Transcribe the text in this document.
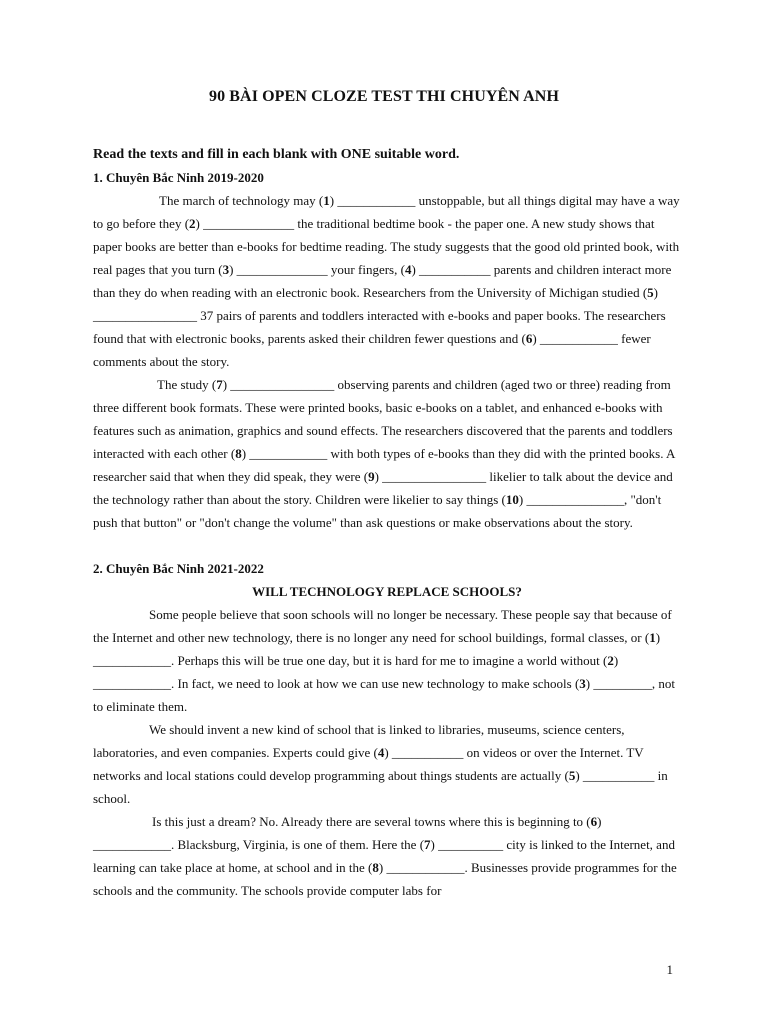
90 BÀI OPEN CLOZE TEST THI CHUYÊN ANH

Read the texts and fill in each blank with ONE suitable word.

1. Chuyên Bắc Ninh 2019-2020

The march of technology may (1) ____________ unstoppable, but all things digital may have a way to go before they (2) ______________ the traditional bedtime book - the paper one. A new study shows that paper books are better than e-books for bedtime reading. The study suggests that the good old printed book, with real pages that you turn (3) ______________ your fingers, (4) ___________ parents and children interact more than they do when reading with an electronic book. Researchers from the University of Michigan studied (5) ________________ 37 pairs of parents and toddlers interacted with e-books and paper books. The researchers found that with electronic books, parents asked their children fewer questions and (6) ____________ fewer comments about the story.

The study (7) ________________ observing parents and children (aged two or three) reading from three different book formats. These were printed books, basic e-books on a tablet, and enhanced e-books with features such as animation, graphics and sound effects. The researchers discovered that the parents and toddlers interacted with each other (8) ____________ with both types of e-books than they did with the printed books. A researcher said that when they did speak, they were (9) ________________ likelier to talk about the device and the technology rather than about the story. Children were likelier to say things (10) _______________, "don't push that button" or "don't change the volume" than ask questions or make observations about the story.

2. Chuyên Bắc Ninh 2021-2022

WILL TECHNOLOGY REPLACE SCHOOLS?

Some people believe that soon schools will no longer be necessary. These people say that because of the Internet and other new technology, there is no longer any need for school buildings, formal classes, or (1) ____________. Perhaps this will be true one day, but it is hard for me to imagine a world without (2) ____________. In fact, we need to look at how we can use new technology to make schools (3) _________, not to eliminate them.

We should invent a new kind of school that is linked to libraries, museums, science centers, laboratories, and even companies. Experts could give (4) ___________ on videos or over the Internet. TV networks and local stations could develop programming about things students are actually (5) ___________ in school.

Is this just a dream? No. Already there are several towns where this is beginning to (6) ____________. Blacksburg, Virginia, is one of them. Here the (7) __________ city is linked to the Internet, and learning can take place at home, at school and in the (8) ____________. Businesses provide programmes for the schools and the community. The schools provide computer labs for

1
